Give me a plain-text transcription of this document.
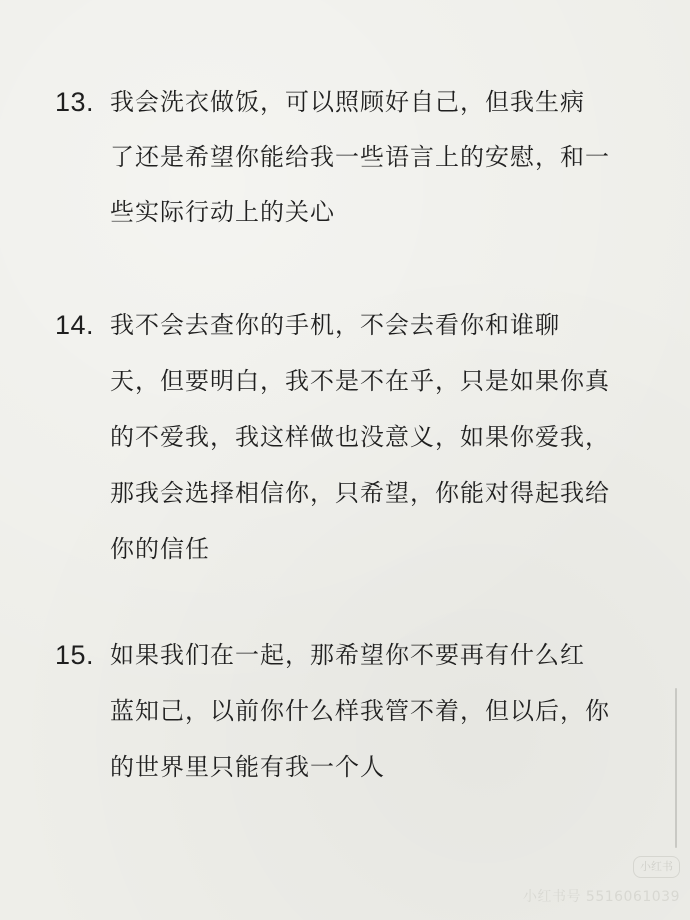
13. 我会洗衣做饭，可以照顾好自己，但我生病
了还是希望你能给我一些语言上的安慰，和一
些实际行动上的关心
14. 我不会去查你的手机，不会去看你和谁聊
天，但要明白，我不是不在乎，只是如果你真
的不爱我，我这样做也没意义，如果你爱我，
那我会选择相信你，只希望，你能对得起我给
你的信任
15. 如果我们在一起，那希望你不要再有什么红
蓝知己，以前你什么样我管不着，但以后，你
的世界里只能有我一个人
小红书
小红书号 5516061039
